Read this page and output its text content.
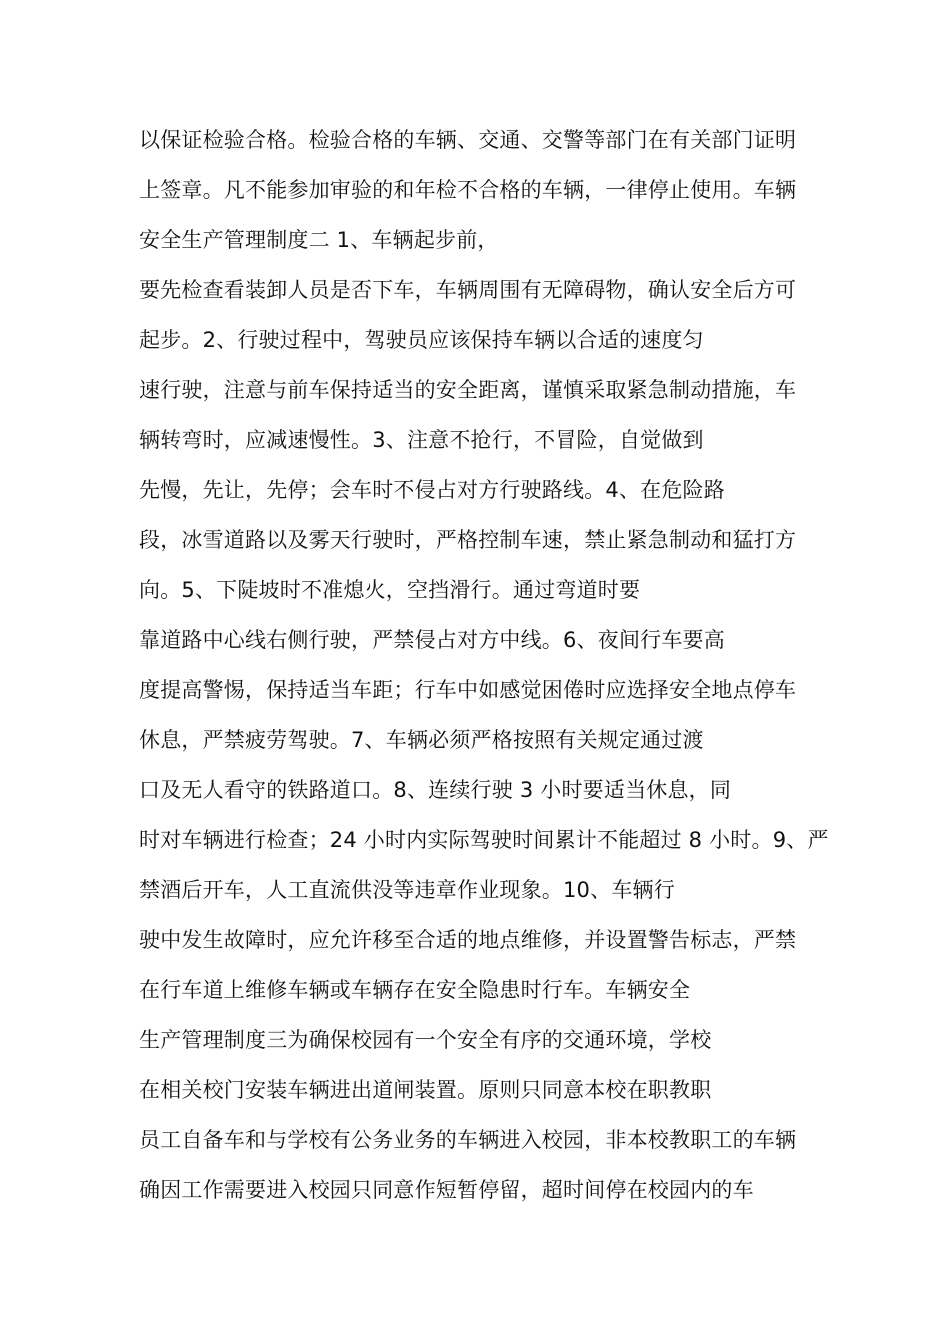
以保证检验合格。检验合格的车辆、交通、交警等部门在有关部门证明
上签章。凡不能参加审验的和年检不合格的车辆，一律停止使用。车辆
安全生产管理制度二 1、车辆起步前，
要先检查看装卸人员是否下车，车辆周围有无障碍物，确认安全后方可
起步。2、行驶过程中，驾驶员应该保持车辆以合适的速度匀
速行驶，注意与前车保持适当的安全距离，谨慎采取紧急制动措施，车
辆转弯时，应减速慢性。3、注意不抢行，不冒险，自觉做到
先慢，先让，先停；会车时不侵占对方行驶路线。4、在危险路
段，冰雪道路以及雾天行驶时，严格控制车速，禁止紧急制动和猛打方
向。5、下陡坡时不准熄火，空挡滑行。通过弯道时要
靠道路中心线右侧行驶，严禁侵占对方中线。6、夜间行车要高
度提高警惕，保持适当车距；行车中如感觉困倦时应选择安全地点停车
休息，严禁疲劳驾驶。7、车辆必须严格按照有关规定通过渡
口及无人看守的铁路道口。8、连续行驶 3 小时要适当休息，同
时对车辆进行检查；24 小时内实际驾驶时间累计不能超过 8 小时。9、严
禁酒后开车，人工直流供没等违章作业现象。10、车辆行
驶中发生故障时，应允许移至合适的地点维修，并设置警告标志，严禁
在行车道上维修车辆或车辆存在安全隐患时行车。车辆安全
生产管理制度三为确保校园有一个安全有序的交通环境，学校
在相关校门安装车辆进出道闸装置。原则只同意本校在职教职
员工自备车和与学校有公务业务的车辆进入校园，非本校教职工的车辆
确因工作需要进入校园只同意作短暂停留，超时间停在校园内的车
